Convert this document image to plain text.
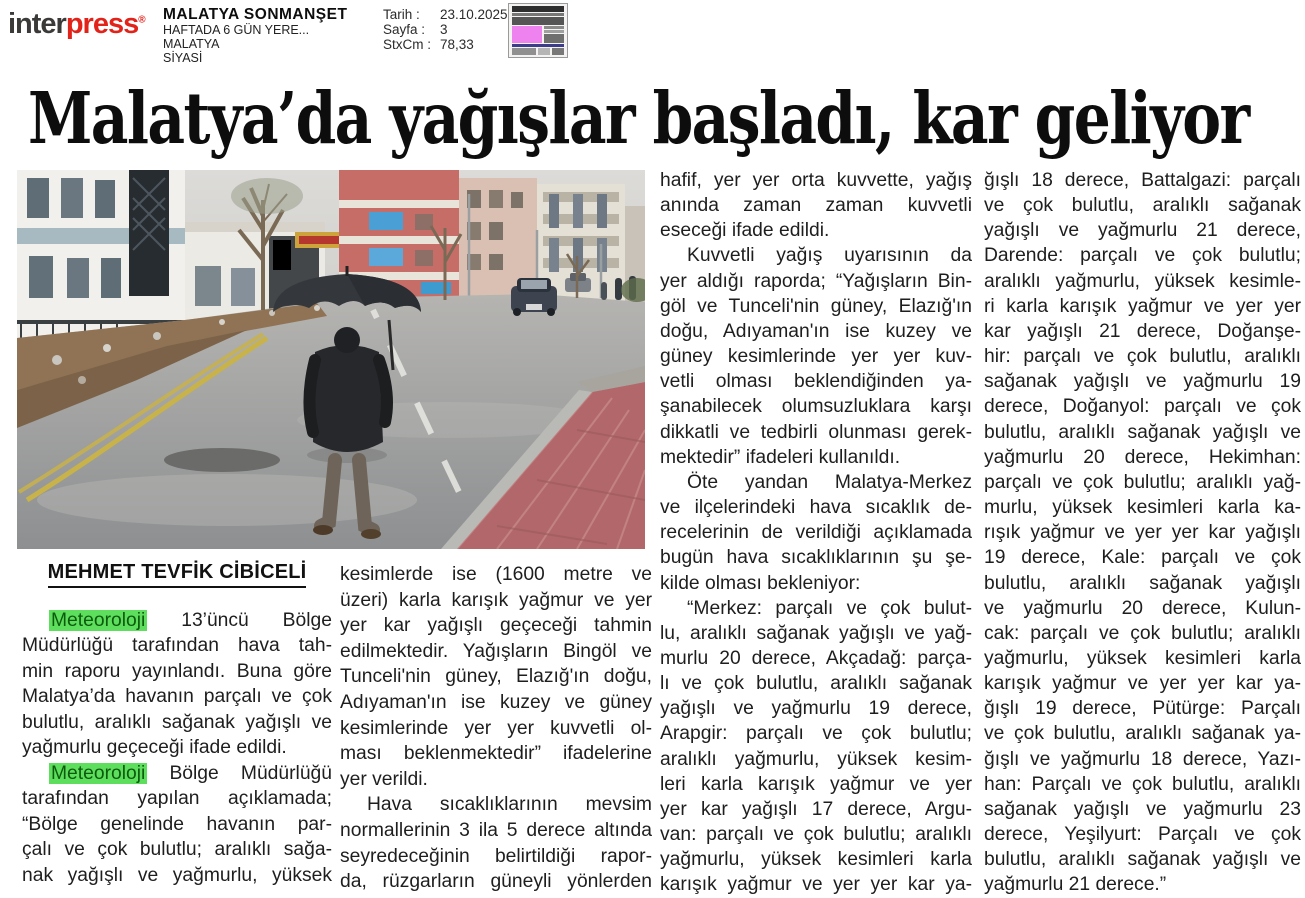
interpress® MALATYA SONMANŞET
HAFTADA 6 GÜN YERE...
MALATYA
SİYASİ
Tarih :	23.10.2025
Sayfa :	3
StxCm : 78,33
Malatya’da yağışlar başladı, kar geliyor
MEHMET TEVFİK CİBİCELİ
Meteoroloji 13’üncü Bölge
Müdürlüğü tarafından hava tah-
min raporu yayınlandı. Buna göre
Malatya’da havanın parçalı ve çok
bulutlu, aralıklı sağanak yağışlı ve
yağmurlu geçeceği ifade edildi.
Meteoroloji Bölge Müdürlüğü
tarafından yapılan açıklamada;
“Bölge genelinde havanın par-
çalı ve çok bulutlu; aralıklı sağa-
nak yağışlı ve yağmurlu, yüksek
kesimlerde ise (1600 metre ve
üzeri) karla karışık yağmur ve yer
yer kar yağışlı geçeceği tahmin
edilmektedir. Yağışların Bingöl ve
Tunceli'nin güney, Elazığ'ın doğu,
Adıyaman'ın ise kuzey ve güney
kesimlerinde yer yer kuvvetli ol-
ması beklenmektedir” ifadelerine
yer verildi.
Hava sıcaklıklarının mevsim
normallerinin 3 ila 5 derece altında
seyredeceğinin belirtildiği rapor-
da, rüzgarların güneyli yönlerden
hafif, yer yer orta kuvvette, yağış
anında zaman zaman kuvvetli
eseceği ifade edildi.
Kuvvetli yağış uyarısının da
yer aldığı raporda; “Yağışların Bin-
göl ve Tunceli'nin güney, Elazığ'ın
doğu, Adıyaman'ın ise kuzey ve
güney kesimlerinde yer yer kuv-
vetli olması beklendiğinden ya-
şanabilecek olumsuzluklara karşı
dikkatli ve tedbirli olunması gerek-
mektedir” ifadeleri kullanıldı.
Öte yandan Malatya-Merkez
ve ilçelerindeki hava sıcaklık de-
recelerinin de verildiği açıklamada
bugün hava sıcaklıklarının şu şe-
kilde olması bekleniyor:
“Merkez: parçalı ve çok bulut-
lu, aralıklı sağanak yağışlı ve yağ-
murlu 20 derece, Akçadağ: parça-
lı ve çok bulutlu, aralıklı sağanak
yağışlı ve yağmurlu 19 derece,
Arapgir: parçalı ve çok bulutlu;
aralıklı yağmurlu, yüksek kesim-
leri karla karışık yağmur ve yer
yer kar yağışlı 17 derece, Argu-
van: parçalı ve çok bulutlu; aralıklı
yağmurlu, yüksek kesimleri karla
karışık yağmur ve yer yer kar ya-
ğışlı 18 derece, Battalgazi: parçalı
ve çok bulutlu, aralıklı sağanak
yağışlı ve yağmurlu 21 derece,
Darende: parçalı ve çok bulutlu;
aralıklı yağmurlu, yüksek kesimle-
ri karla karışık yağmur ve yer yer
kar yağışlı 21 derece, Doğanşe-
hir: parçalı ve çok bulutlu, aralıklı
sağanak yağışlı ve yağmurlu 19
derece, Doğanyol: parçalı ve çok
bulutlu, aralıklı sağanak yağışlı ve
yağmurlu 20 derece, Hekimhan:
parçalı ve çok bulutlu; aralıklı yağ-
murlu, yüksek kesimleri karla ka-
rışık yağmur ve yer yer kar yağışlı
19 derece, Kale: parçalı ve çok
bulutlu, aralıklı sağanak yağışlı
ve yağmurlu 20 derece, Kulun-
cak: parçalı ve çok bulutlu; aralıklı
yağmurlu, yüksek kesimleri karla
karışık yağmur ve yer yer kar ya-
ğışlı 19 derece, Pütürge: Parçalı
ve çok bulutlu, aralıklı sağanak ya-
ğışlı ve yağmurlu 18 derece, Yazı-
han: Parçalı ve çok bulutlu, aralıklı
sağanak yağışlı ve yağmurlu 23
derece, Yeşilyurt: Parçalı ve çok
bulutlu, aralıklı sağanak yağışlı ve
yağmurlu 21 derece.”
